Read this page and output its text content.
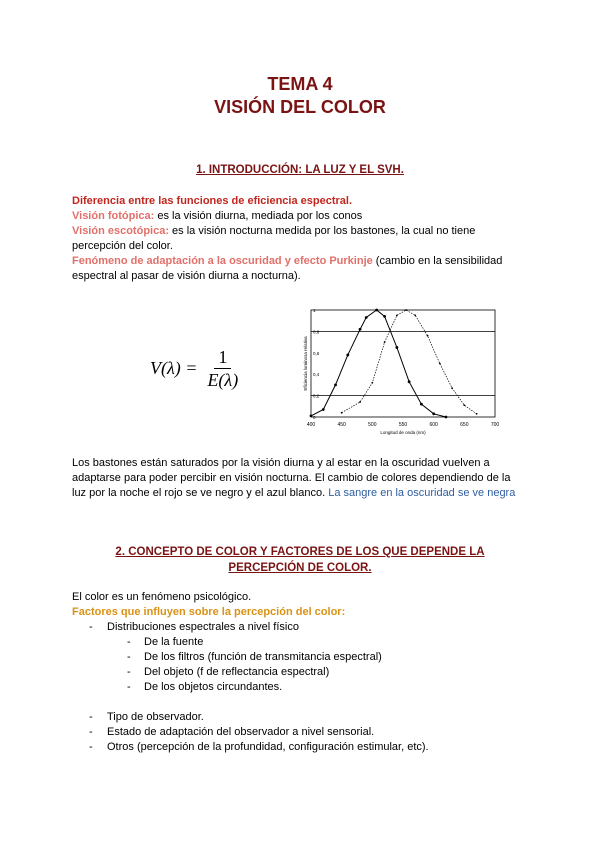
TEMA 4
VISIÓN DEL COLOR
1. INTRODUCCIÓN: LA LUZ Y EL SVH.
Diferencia entre las funciones de eficiencia espectral.
Visión fotópica: es la visión diurna, mediada por los conos
Visión escotópica: es la visión nocturna medida por los bastones, la cual no tiene percepción del color.
Fenómeno de adaptación a la oscuridad y efecto Purkinje (cambio en la sensibilidad espectral al pasar de visión diurna a nocturna).
$V(\lambda) = \frac{1}{E(\lambda)}$
400	450	500	550	600	650	700
0
0,2
0,4
0,6
0,8
1
Longitud de onda (nm)
Eficiencia luminosa relativa
Los bastones están saturados por la visión diurna y al estar en la oscuridad vuelven a adaptarse para poder percibir en visión nocturna. El cambio de colores dependiendo de la luz por la noche el rojo se ve negro y el azul blanco. La sangre en la oscuridad se ve negra
2. CONCEPTO DE COLOR Y FACTORES DE LOS QUE DEPENDE LA
PERCEPCIÓN DE COLOR.
El color es un fenómeno psicológico.
Factores que influyen sobre la percepción del color:
- Distribuciones espectrales a nivel físico
- De la fuente
- De los filtros (función de transmitancia espectral)
- Del objeto (f de reflectancia espectral)
- De los objetos circundantes.
- Tipo de observador.
- Estado de adaptación del observador a nivel sensorial.
- Otros (percepción de la profundidad, configuración estimular, etc).
